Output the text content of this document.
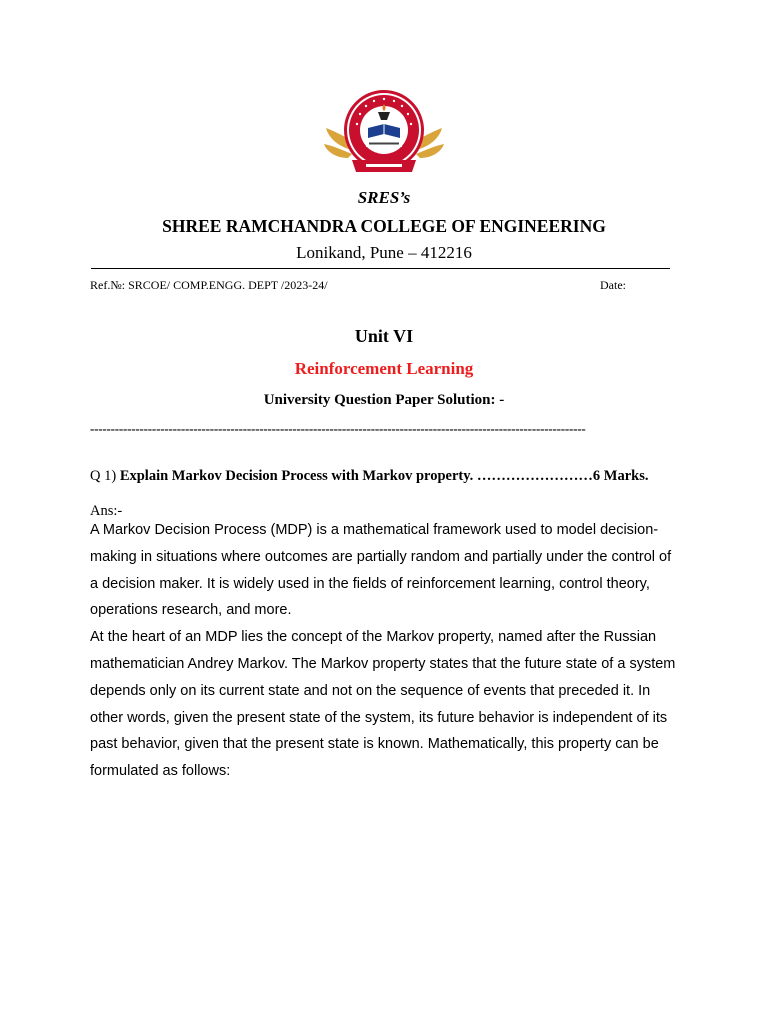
SRES’s
SHREE RAMCHANDRA COLLEGE OF ENGINEERING
Lonikand, Pune – 412216
Ref.№: SRCOE/ COMP.ENGG. DEPT /2023-24/	Date:
Unit VI
Reinforcement Learning
University Question Paper Solution: -
------------------------------------------------------------------------------------------------------------------------
Q 1) Explain Markov Decision Process with Markov property. ……………………6 Marks.
Ans:-

A Markov Decision Process (MDP) is a mathematical framework used to model decision-making in situations where outcomes are partially random and partially under the control of a decision maker. It is widely used in the fields of reinforcement learning, control theory, operations research, and more.

At the heart of an MDP lies the concept of the Markov property, named after the Russian mathematician Andrey Markov. The Markov property states that the future state of a system depends only on its current state and not on the sequence of events that preceded it. In other words, given the present state of the system, its future behavior is independent of its past behavior, given that the present state is known. Mathematically, this property can be formulated as follows:
